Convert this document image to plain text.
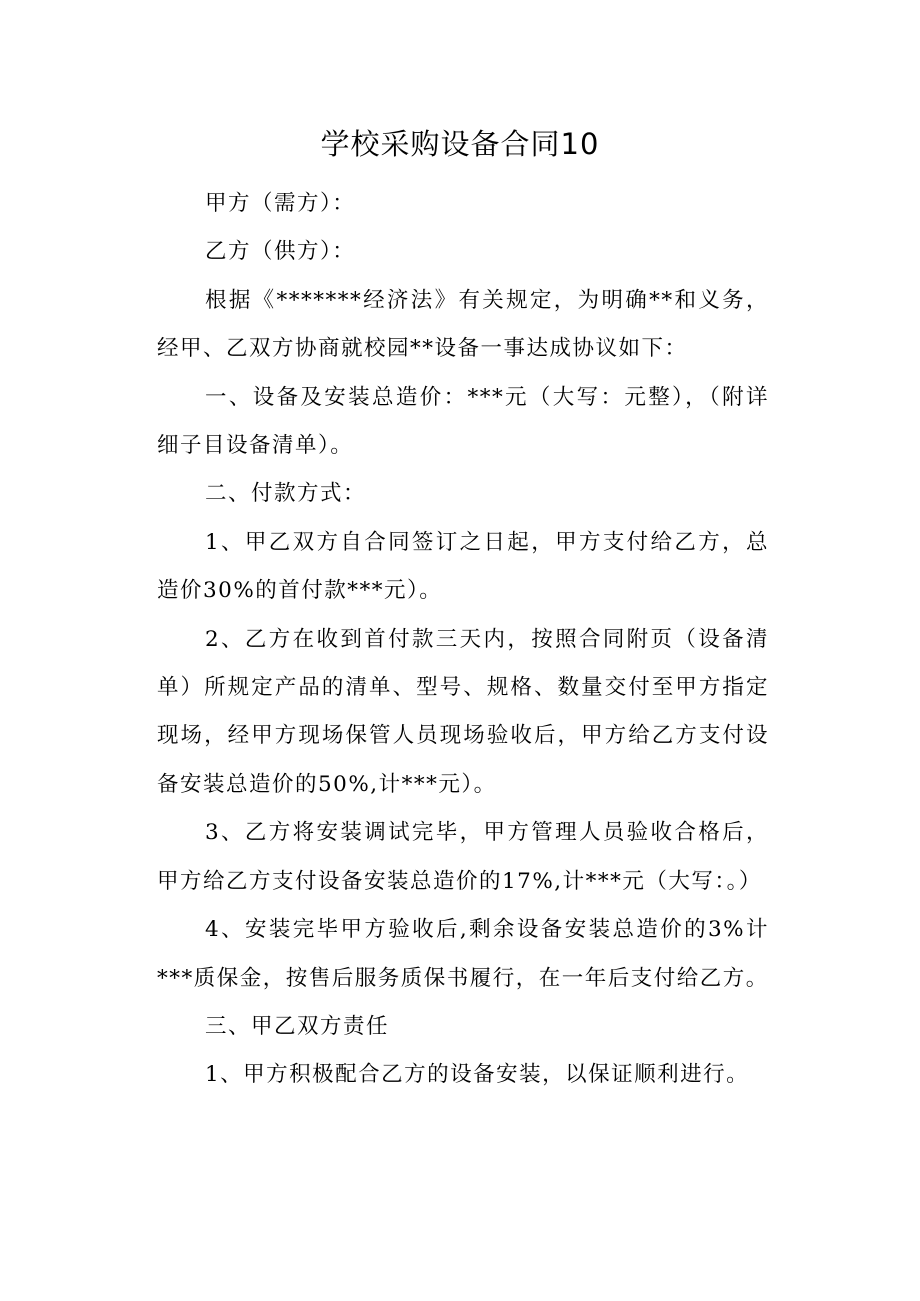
学校采购设备合同10

甲方（需方）：

乙方（供方）：

根据《*******经济法》有关规定，为明确**和义务，经甲、乙双方协商就校园**设备一事达成协议如下：

一、设备及安装总造价：***元（大写：元整），（附详细子目设备清单）。

二、付款方式：

1、甲乙双方自合同签订之日起，甲方支付给乙方，总造价30%的首付款***元）。

2、乙方在收到首付款三天内，按照合同附页（设备清单）所规定产品的清单、型号、规格、数量交付至甲方指定现场，经甲方现场保管人员现场验收后，甲方给乙方支付设备安装总造价的50%,计***元）。

3、乙方将安装调试完毕，甲方管理人员验收合格后，甲方给乙方支付设备安装总造价的17%,计***元（大写：。）

4、安装完毕甲方验收后,剩余设备安装总造价的3%计***质保金，按售后服务质保书履行，在一年后支付给乙方。

三、甲乙双方责任

1、甲方积极配合乙方的设备安装，以保证顺利进行。
